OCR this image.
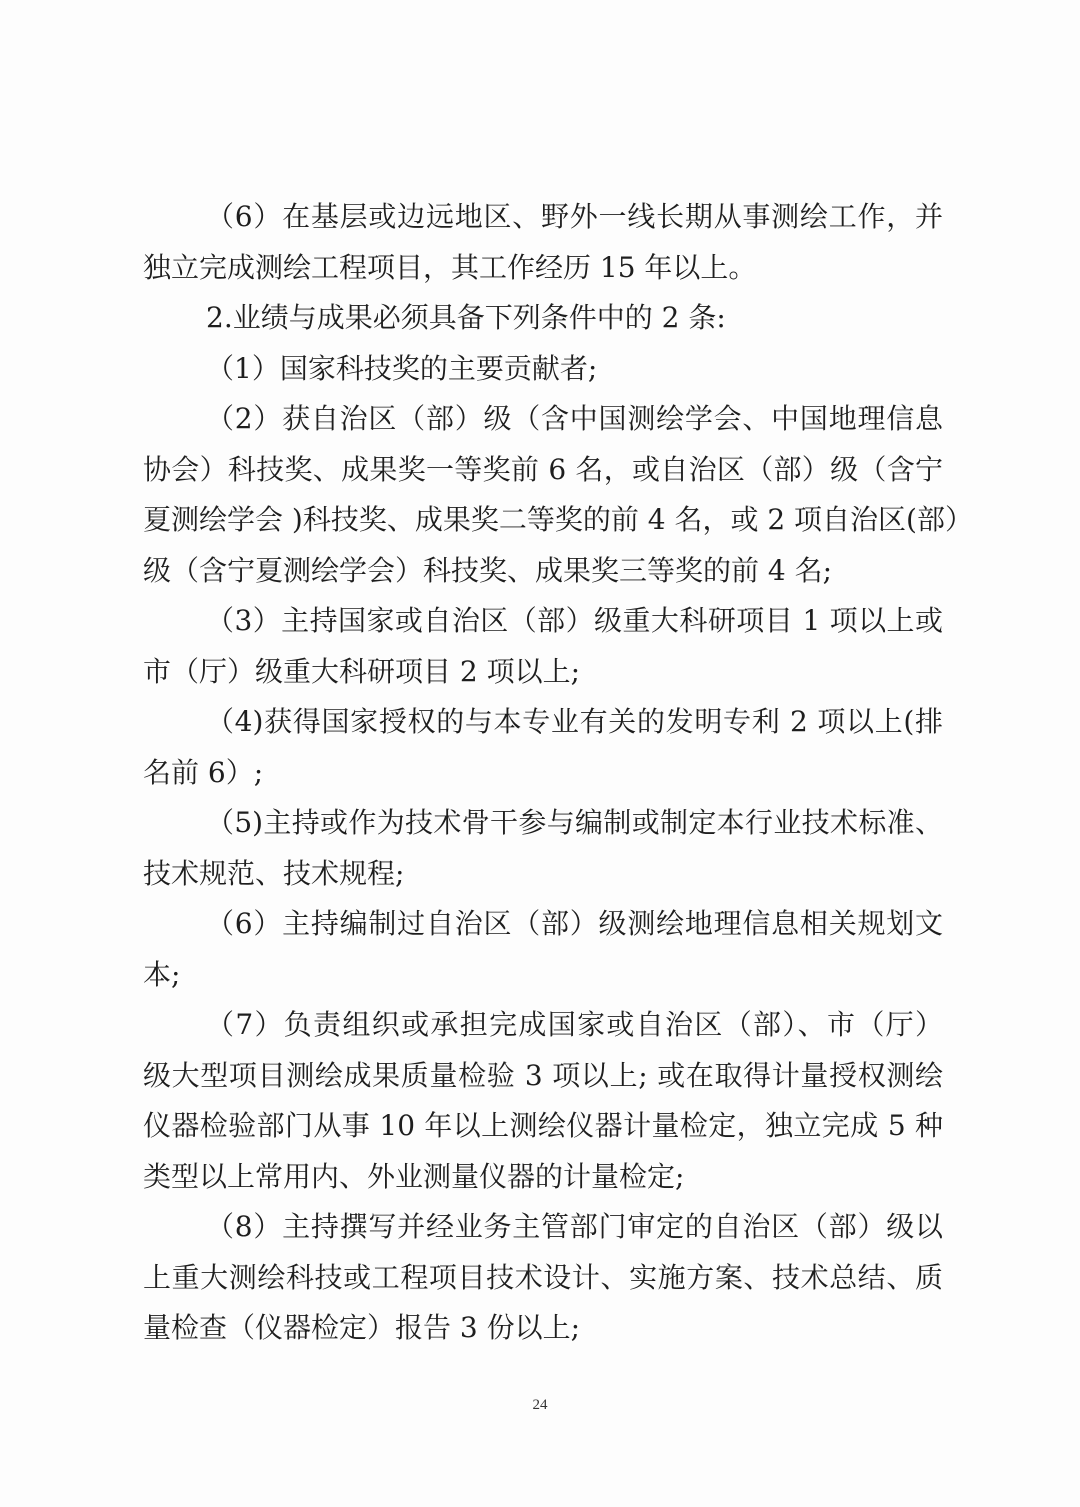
（6）在基层或边远地区、野外一线长期从事测绘工作，并
独立完成测绘工程项目，其工作经历 15 年以上。
2.业绩与成果必须具备下列条件中的 2 条:
（1）国家科技奖的主要贡献者;
（2）获自治区（部）级（含中国测绘学会、中国地理信息
协会）科技奖、成果奖一等奖前 6 名，或自治区（部）级（含宁
夏测绘学会 )科技奖、成果奖二等奖的前 4 名，或 2 项自治区(部）
级（含宁夏测绘学会）科技奖、成果奖三等奖的前 4 名;
（3）主持国家或自治区（部）级重大科研项目 1 项以上或
市（厅）级重大科研项目 2 项以上;
（4)获得国家授权的与本专业有关的发明专利 2 项以上(排
名前 6）;
（5)主持或作为技术骨干参与编制或制定本行业技术标准、
技术规范、技术规程;
（6）主持编制过自治区（部）级测绘地理信息相关规划文
本;
（7）负责组织或承担完成国家或自治区（部）、市（厅）
级大型项目测绘成果质量检验 3 项以上; 或在取得计量授权测绘
仪器检验部门从事 10 年以上测绘仪器计量检定，独立完成 5 种
类型以上常用内、外业测量仪器的计量检定;
（8）主持撰写并经业务主管部门审定的自治区（部）级以
上重大测绘科技或工程项目技术设计、实施方案、技术总结、质
量检查（仪器检定）报告 3 份以上;
24
